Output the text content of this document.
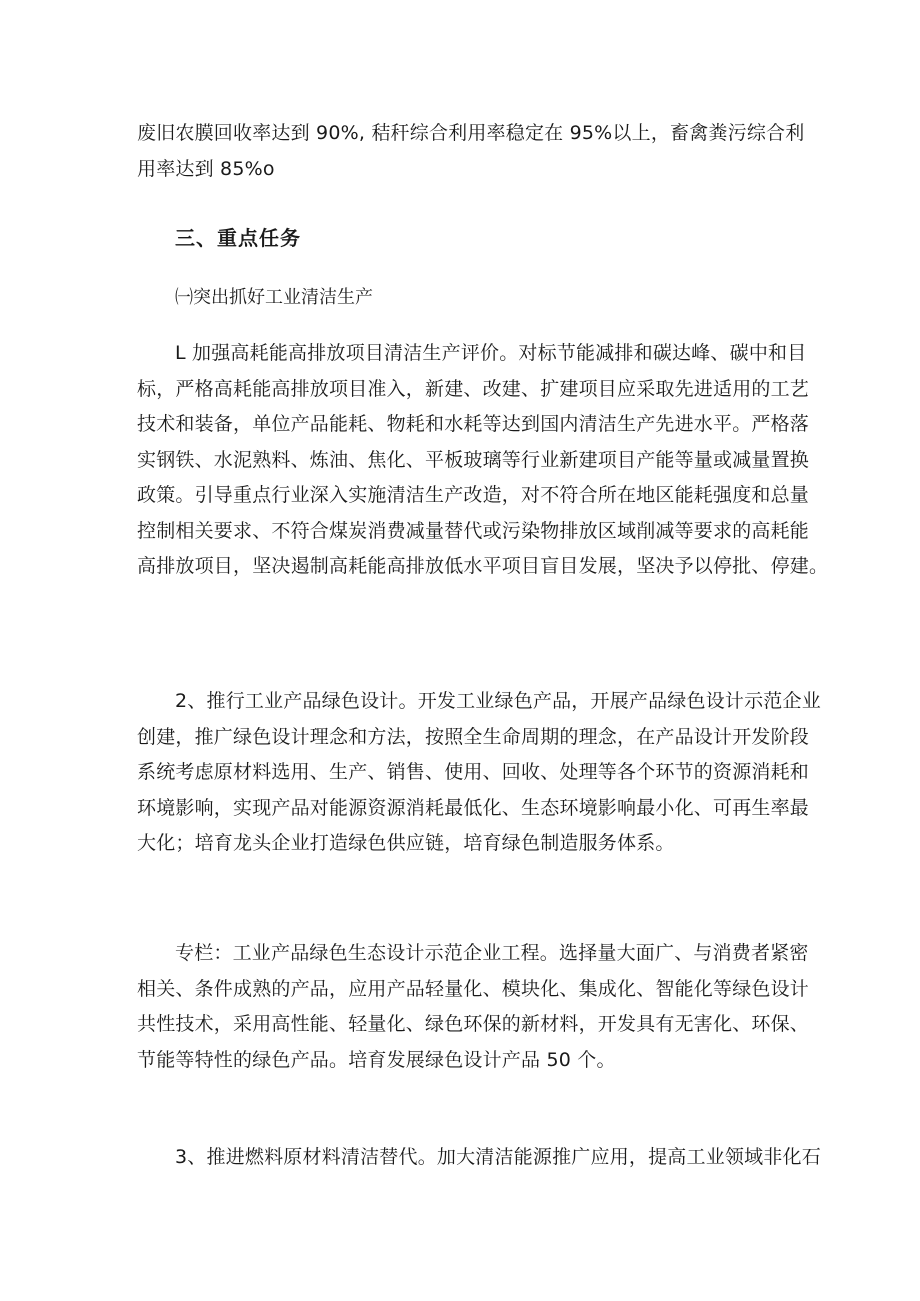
废旧农膜回收率达到 90%, 秸秆综合利用率稳定在 95%以上，畜禽粪污综合利
用率达到 85%o
三、重点任务
㈠突出抓好工业清洁生产
L 加强高耗能高排放项目清洁生产评价。对标节能减排和碳达峰、碳中和目
标，严格高耗能高排放项目准入，新建、改建、扩建项目应采取先进适用的工艺
技术和装备，单位产品能耗、物耗和水耗等达到国内清洁生产先进水平。严格落
实钢铁、水泥熟料、炼油、焦化、平板玻璃等行业新建项目产能等量或减量置换
政策。引导重点行业深入实施清洁生产改造，对不符合所在地区能耗强度和总量
控制相关要求、不符合煤炭消费减量替代或污染物排放区域削减等要求的高耗能
高排放项目，坚决遏制高耗能高排放低水平项目盲目发展，坚决予以停批、停建。
2、推行工业产品绿色设计。开发工业绿色产品，开展产品绿色设计示范企业
创建，推广绿色设计理念和方法，按照全生命周期的理念，在产品设计开发阶段
系统考虑原材料选用、生产、销售、使用、回收、处理等各个环节的资源消耗和
环境影响，实现产品对能源资源消耗最低化、生态环境影响最小化、可再生率最
大化；培育龙头企业打造绿色供应链，培育绿色制造服务体系。
专栏：工业产品绿色生态设计示范企业工程。选择量大面广、与消费者紧密
相关、条件成熟的产品，应用产品轻量化、模块化、集成化、智能化等绿色设计
共性技术，采用高性能、轻量化、绿色环保的新材料，开发具有无害化、环保、
节能等特性的绿色产品。培育发展绿色设计产品 50 个。
3、推进燃料原材料清洁替代。加大清洁能源推广应用，提高工业领域非化石
